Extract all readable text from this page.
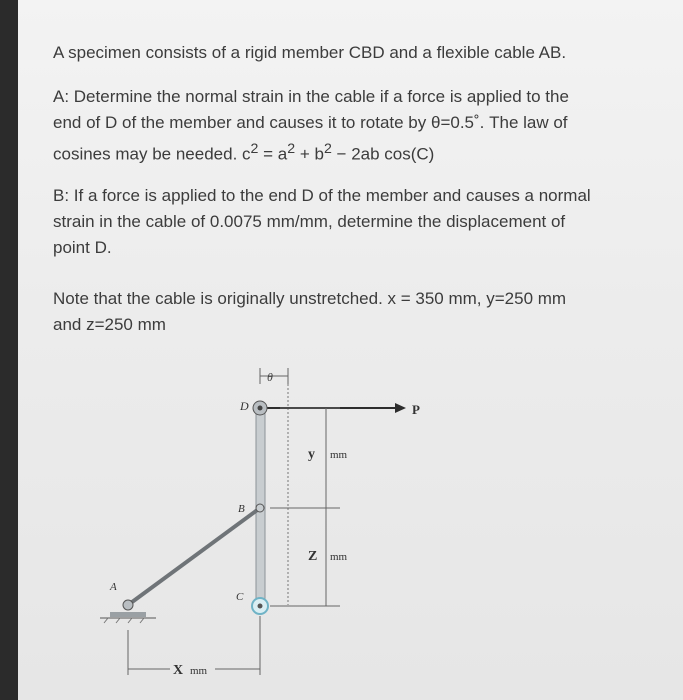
A specimen consists of a rigid member CBD and a flexible cable AB.
A: Determine the normal strain in the cable if a force is applied to the
end of D of the member and causes it to rotate by θ=0.5˚. The law of
cosines may be needed. $c^2 = a^2 + b^2 - 2ab$ cos(C)
B: If a force is applied to the end D of the member and causes a normal
strain in the cable of 0.0075 mm/mm, determine the displacement of
point D.
Note that the cable is originally unstretched. x = 350 mm, y=250 mm
and z=250 mm
θ
P
D
B
C
A
y mm
Z mm
X mm
